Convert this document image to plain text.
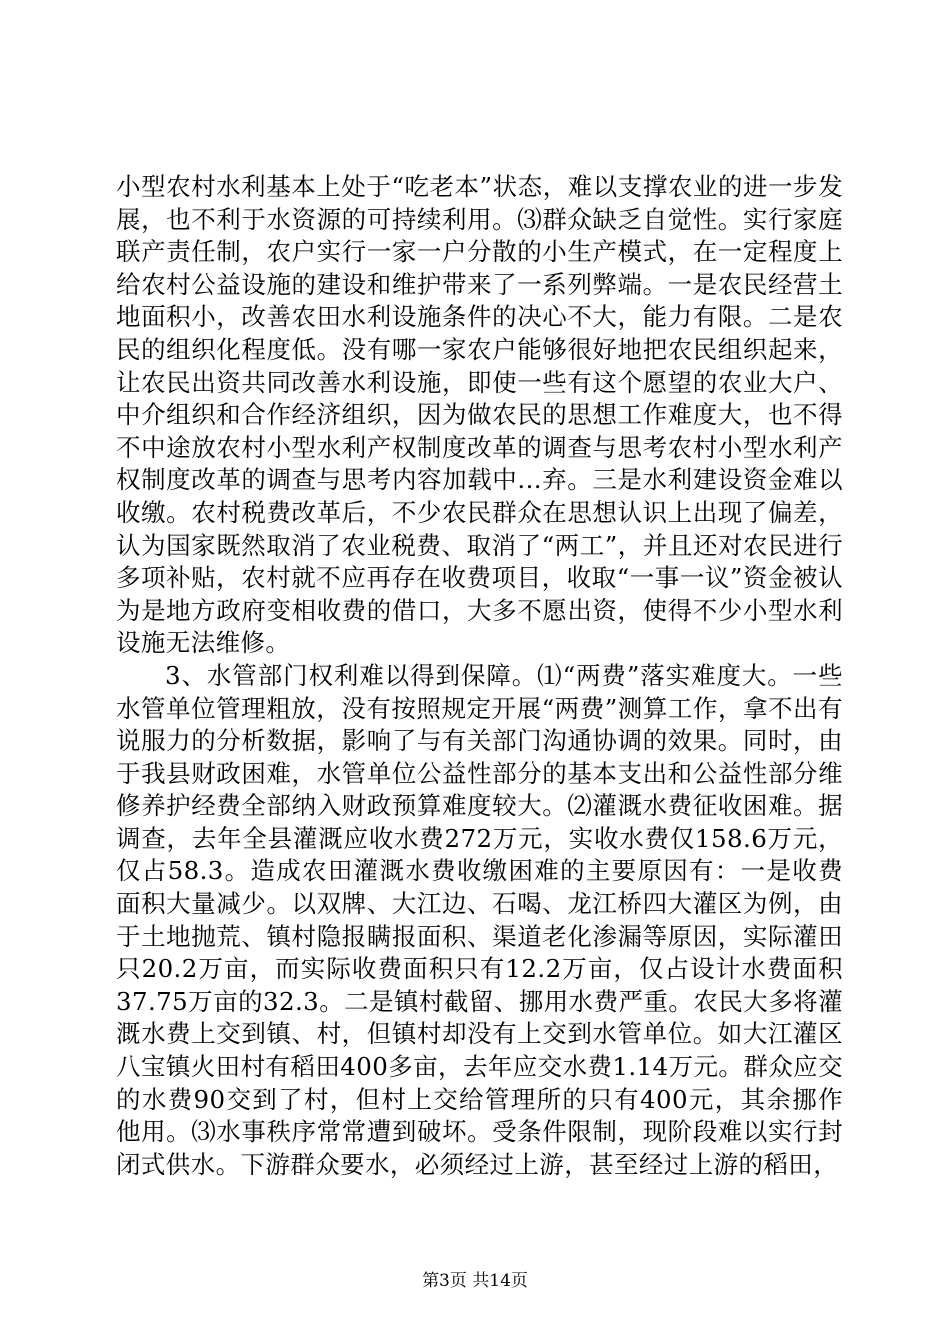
小型农村水利基本上处于“吃老本”状态，难以支撑农业的进一步发展，也不利于水资源的可持续利用。⑶群众缺乏自觉性。实行家庭联产责任制，农户实行一家一户分散的小生产模式，在一定程度上给农村公益设施的建设和维护带来了一系列弊端。一是农民经营土地面积小，改善农田水利设施条件的决心不大，能力有限。二是农民的组织化程度低。没有哪一家农户能够很好地把农民组织起来，让农民出资共同改善水利设施，即使一些有这个愿望的农业大户、中介组织和合作经济组织，因为做农民的思想工作难度大，也不得不中途放农村小型水利产权制度改革的调查与思考农村小型水利产权制度改革的调查与思考内容加载中...弃。三是水利建设资金难以收缴。农村税费改革后，不少农民群众在思想认识上出现了偏差，认为国家既然取消了农业税费、取消了“两工”，并且还对农民进行多项补贴，农村就不应再存在收费项目，收取“一事一议”资金被认为是地方政府变相收费的借口，大多不愿出资，使得不少小型水利设施无法维修。

3、水管部门权利难以得到保障。⑴“两费”落实难度大。一些水管单位管理粗放，没有按照规定开展“两费”测算工作，拿不出有说服力的分析数据，影响了与有关部门沟通协调的效果。同时，由于我县财政困难，水管单位公益性部分的基本支出和公益性部分维修养护经费全部纳入财政预算难度较大。⑵灌溉水费征收困难。据调查，去年全县灌溉应收水费272万元，实收水费仅158.6万元，仅占58.3。造成农田灌溉水费收缴困难的主要原因有：一是收费面积大量减少。以双牌、大江边、石喝、龙江桥四大灌区为例，由于土地抛荒、镇村隐报瞒报面积、渠道老化渗漏等原因，实际灌田只20.2万亩，而实际收费面积只有12.2万亩，仅占设计水费面积37.75万亩的32.3。二是镇村截留、挪用水费严重。农民大多将灌溉水费上交到镇、村，但镇村却没有上交到水管单位。如大江灌区八宝镇火田村有稻田400多亩，去年应交水费1.14万元。群众应交的水费90交到了村，但村上交给管理所的只有400元，其余挪作他用。⑶水事秩序常常遭到破坏。受条件限制，现阶段难以实行封闭式供水。下游群众要水，必须经过上游，甚至经过上游的稻田，

第3页 共14页
